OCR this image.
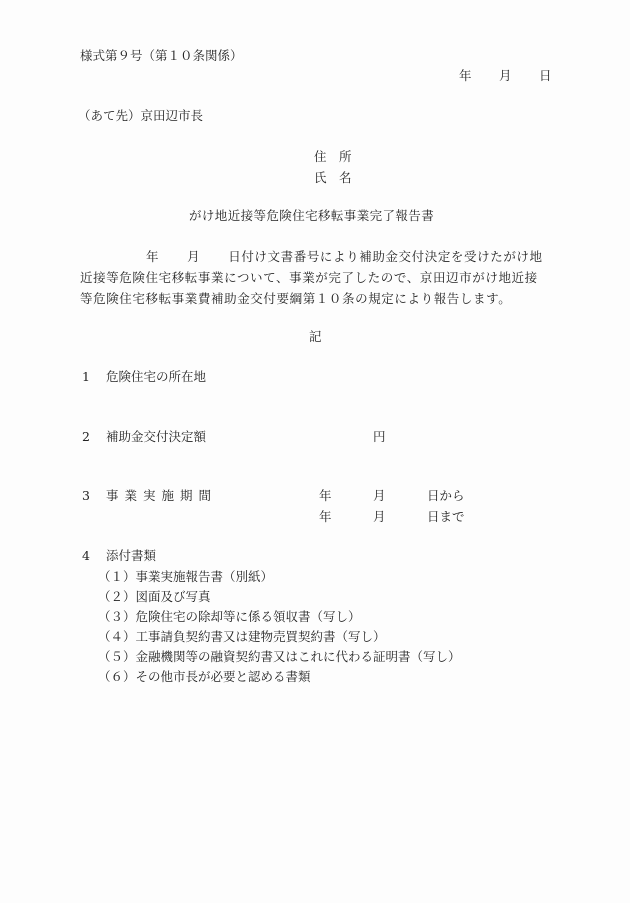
様式第９号（第１０条関係）
年 月 日
（あて先）京田辺市長
住　所
氏　名
がけ地近接等危険住宅移転事業完了報告書
年 月 日付け文書番号により補助金交付決定を受けたがけ地
近接等危険住宅移転事業について、事業が完了したので、京田辺市がけ地近接
等危険住宅移転事業費補助金交付要綱第１０条の規定により報告します。
記
1 危険住宅の所在地
2 補助金交付決定額	円
3 事業実施期間	年	月	日から
年	月	日まで
4 添付書類
（１）事業実施報告書（別紙）
（２）図面及び写真
（３）危険住宅の除却等に係る領収書（写し）
（４）工事請負契約書又は建物売買契約書（写し）
（５）金融機関等の融資契約書又はこれに代わる証明書（写し）
（６）その他市長が必要と認める書類
